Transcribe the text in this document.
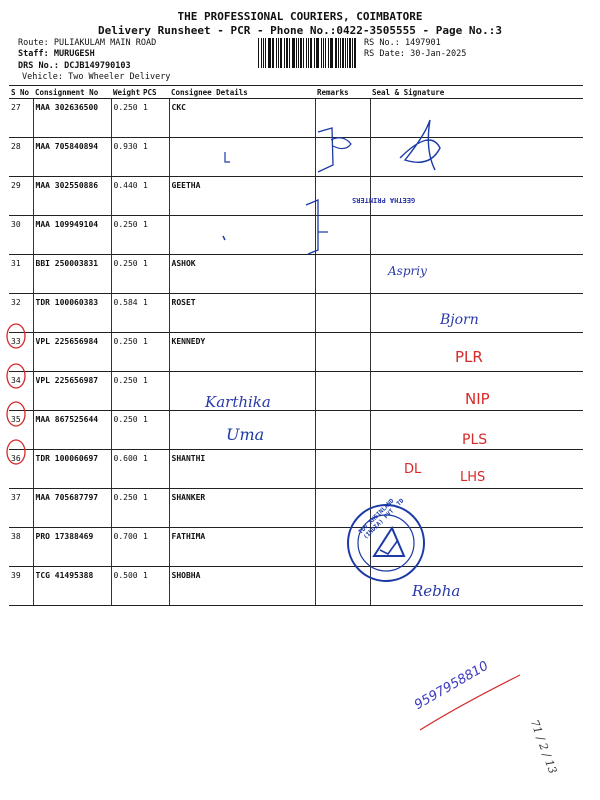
THE PROFESSIONAL COURIERS, COIMBATORE
Delivery Runsheet - PCR - Phone No.:0422-3505555 - Page No.:3
Route: PULIAKULAM MAIN ROAD
Staff: MURUGESH
DRS No.: DCJB149790103
Vehicle: Two Wheeler Delivery
RS No.: 1497901
RS Date: 30-Jan-2025
S No	Consignment No	Weight	PCS	Consignee Details	Remarks	Seal & Signature
27	MAA 302636500	0.250	1	CKC		
28	MAA 705840894	0.930	1			
29	MAA 302550886	0.440	1	GEETHA		
30	MAA 109949104	0.250	1			
31	BBI 250003831	0.250	1	ASHOK		
32	TDR 100060383	0.584	1	ROSET		
33	VPL 225656984	0.250	1	KENNEDY		
34	VPL 225656987	0.250	1			
35	MAA 867525644	0.250	1			
36	TDR 100060697	0.600	1	SHANTHI		
37	MAA 705687797	0.250	1	SHANKER		
38	PRO 17388469	0.700	1	FATHIMA		
39	TCG 41495388	0.500	1	SHOBHA		
Karthika
Uma
Aspriy
Bjorn
PLR
NIP
PLS
DL
LHS
Rebha
9597958810
71 / 2 / 13
GEETHA PRINTERS
TUV RHEINLAND (INDIA) PVT LTD
